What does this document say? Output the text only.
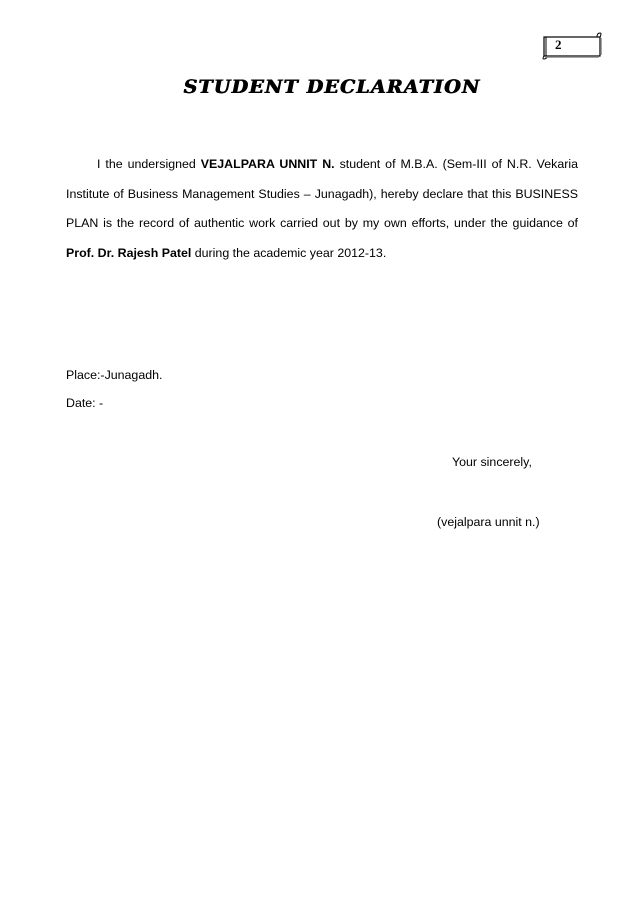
2
STUDENT DECLARATION

I the undersigned VEJALPARA UNNIT N. student of M.B.A. (Sem-III of N.R. Vekaria Institute of Business Management Studies – Junagadh), hereby declare that this BUSINESS PLAN is the record of authentic work carried out by my own efforts, under the guidance of Prof. Dr. Rajesh Patel during the academic year 2012-13.

Place:-Junagadh.
Date: -
Your sincerely,
(vejalpara unnit n.)
